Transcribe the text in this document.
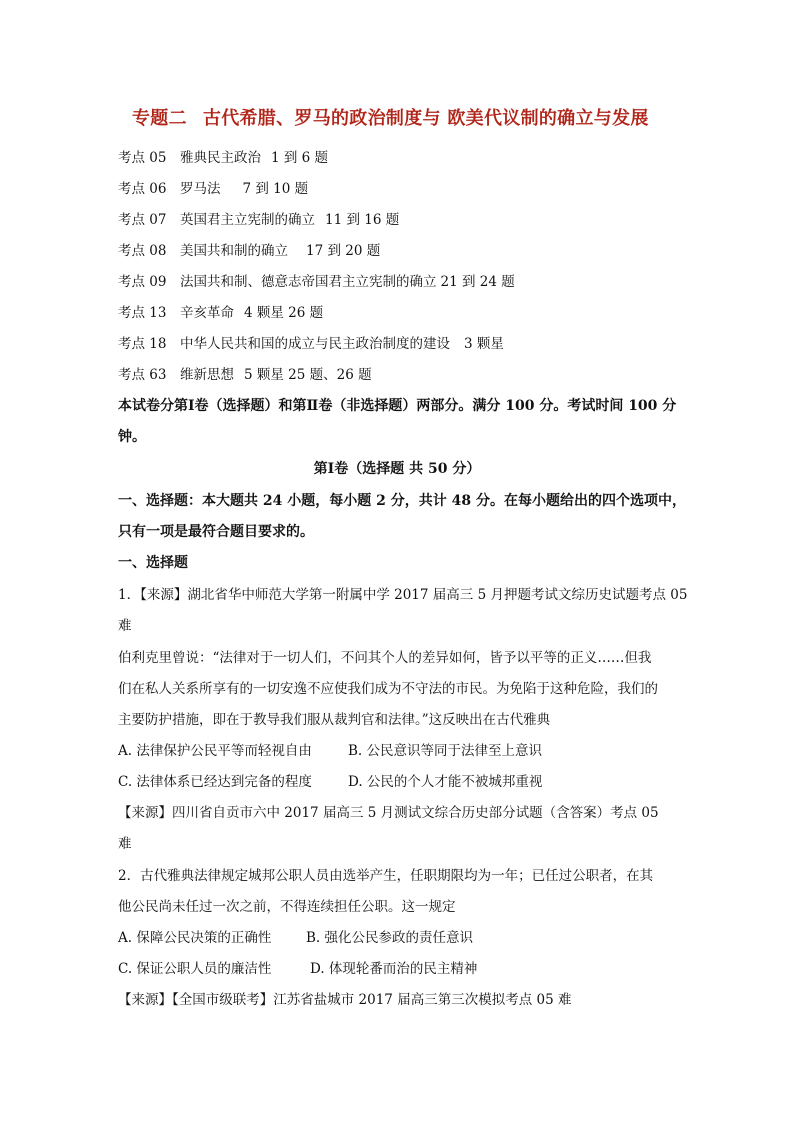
专题二 古代希腊、罗马的政治制度与 欧美代议制的确立与发展
考点 05 雅典民主政治 1 到 6 题
考点 06 罗马法 7 到 10 题
考点 07 英国君主立宪制的确立 11 到 16 题
考点 08 美国共和制的确立 17 到 20 题
考点 09 法国共和制、德意志帝国君主立宪制的确立 21 到 24 题
考点 13 辛亥革命 4 颗星 26 题
考点 18 中华人民共和国的成立与民主政治制度的建设 3 颗星
考点 63 维新思想 5 颗星 25 题、26 题
本试卷分第Ⅰ卷（选择题）和第Ⅱ卷（非选择题）两部分。满分 100 分。考试时间 100 分
钟。
第Ⅰ卷（选择题 共 50 分）
一、选择题：本大题共 24 小题，每小题 2 分，共计 48 分。在每小题给出的四个选项中，
只有一项是最符合题目要求的。
一、选择题
1．【来源】湖北省华中师范大学第一附属中学 2017 届高三 5 月押题考试文综历史试题考点 05
难
伯利克里曾说：“法律对于一切人们，不问其个人的差异如何，皆予以平等的正义……但我
们在私人关系所享有的一切安逸不应使我们成为不守法的市民。为免陷于这种危险，我们的
主要防护措施，即在于教导我们服从裁判官和法律。”这反映出在古代雅典
A. 法律保护公民平等而轻视自由	B. 公民意识等同于法律至上意识
C. 法律体系已经达到完备的程度	D. 公民的个人才能不被城邦重视
【来源】四川省自贡市六中 2017 届高三 5 月测试文综合历史部分试题（含答案）考点 05
难
2．古代雅典法律规定城邦公职人员由选举产生，任职期限均为一年；已任过公职者，在其
他公民尚未任过一次之前，不得连续担任公职。这一规定
A. 保障公民决策的正确性	B. 强化公民参政的责任意识
C. 保证公职人员的廉洁性	D. 体现轮番而治的民主精神
【来源】【全国市级联考】江苏省盐城市 2017 届高三第三次模拟考点 05 难
